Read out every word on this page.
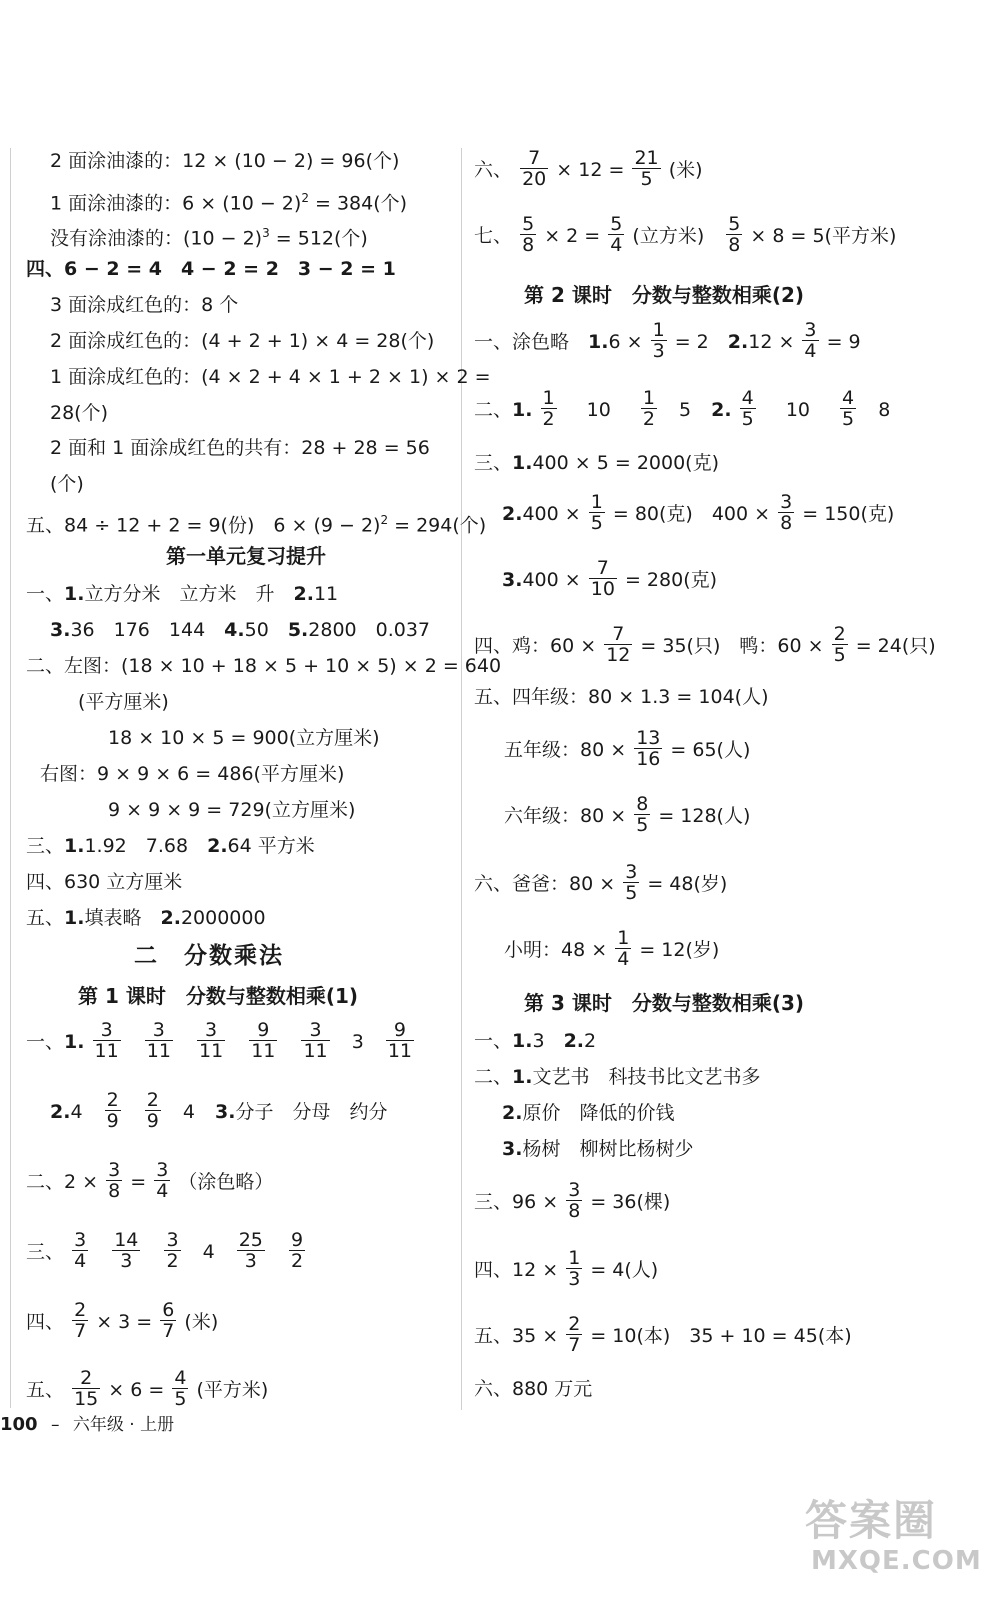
2 面涂油漆的：12 × (10 − 2) = 96(个)
1 面涂油漆的：$6 \times (10 - 2)^2 = 384$(个)
没有涂油漆的：$(10 - 2)^3 = 512$(个)
四、6 − 2 = 4　4 − 2 = 2　3 − 2 = 1
3 面涂成红色的：8 个
2 面涂成红色的：(4 + 2 + 1) × 4 = 28(个)
1 面涂成红色的：(4 × 2 + 4 × 1 + 2 × 1) × 2 =
28(个)
2 面和 1 面涂成红色的共有：28 + 28 = 56
(个)
五、84 ÷ 12 + 2 = 9(份)　$6 \times (9 - 2)^2 = 294$(个)
第一单元复习提升
一、1.立方分米　立方米　升　2.11
3.36　176　144　4.50　5.2800　0.037
二、左图：(18 × 10 + 18 × 5 + 10 × 5) × 2 = 640
(平方厘米)
18 × 10 × 5 = 900(立方厘米)
右图：9 × 9 × 6 = 486(平方厘米)
9 × 9 × 9 = 729(立方厘米)
三、1.1.92　7.68　2.64 平方米
四、630 立方厘米
五、1.填表略　2.2000000
二　分数乘法
第 1 课时　分数与整数相乘(1)
一、1. $\frac{3}{11}$
$\frac{3}{11}$
$\frac{3}{11}$
$\frac{9}{11}$
$\frac{3}{11} 3 \frac{9}{11}$
$2.4 \frac{2}{9}$
$\frac{2}{9} 4$ 3.分子　分母　约分
二、$2 \times \frac{3}{8} = \frac{3}{4}$ （涂色略）
三、 $\frac{3}{4}$
$\frac{14}{3}$
$\frac{3}{2} 4 \frac{25}{3}$
$\frac{9}{2}$
四、 $\frac{2}{7} \times 3 = \frac{6}{7}$ (米)
五、 $\frac{2}{15} \times 6 = \frac{4}{5}$ (平方米)
六、 $\frac{7}{20} \times 12 = \frac{21}{5}$ (米)
七、 $\frac{5}{8} \times 2 = \frac{5}{4}$ (立方米) $\frac{5}{8} \times 8 = 5$(平方米)
第 2 课时　分数与整数相乘(2)
一、涂色略　$1.6 \times \frac{1}{3} = 2$　$2.12 \times \frac{3}{4} = 9$
二、1. $\frac{1}{2} 10 \frac{1}{2} 5$ 2. $\frac{4}{5} 10 \frac{4}{5} 8$
三、1.400 × 5 = 2000(克)
$2.400 \times \frac{1}{5} = 80$(克)　$400 \times \frac{3}{8} = 150$(克)
$3.400 \times \frac{7}{10} = 280$(克)
四、鸡：$60 \times \frac{7}{12} = 35$(只)　鸭：$60 \times \frac{2}{5} = 24$(只)
五、四年级：80 × 1.3 = 104(人)
五年级：$80 \times \frac{13}{16} = 65$(人)
六年级：$80 \times \frac{8}{5} = 128$(人)
六、爸爸：$80 \times \frac{3}{5} = 48$(岁)
小明：$48 \times \frac{1}{4} = 12$(岁)
第 3 课时　分数与整数相乘(3)
一、1.3　2.2
二、1.文艺书　科技书比文艺书多
2.原价　降低的价钱
3.杨树　柳树比杨树少
三、$96 \times \frac{3}{8} = 36$(棵)
四、$12 \times \frac{1}{3} = 4$(人)
五、$35 \times \frac{2}{7} = 10$(本)　35 + 10 = 45(本)
六、880 万元
100 – 六年级 · 上册
答案圈
MXQE.COM
